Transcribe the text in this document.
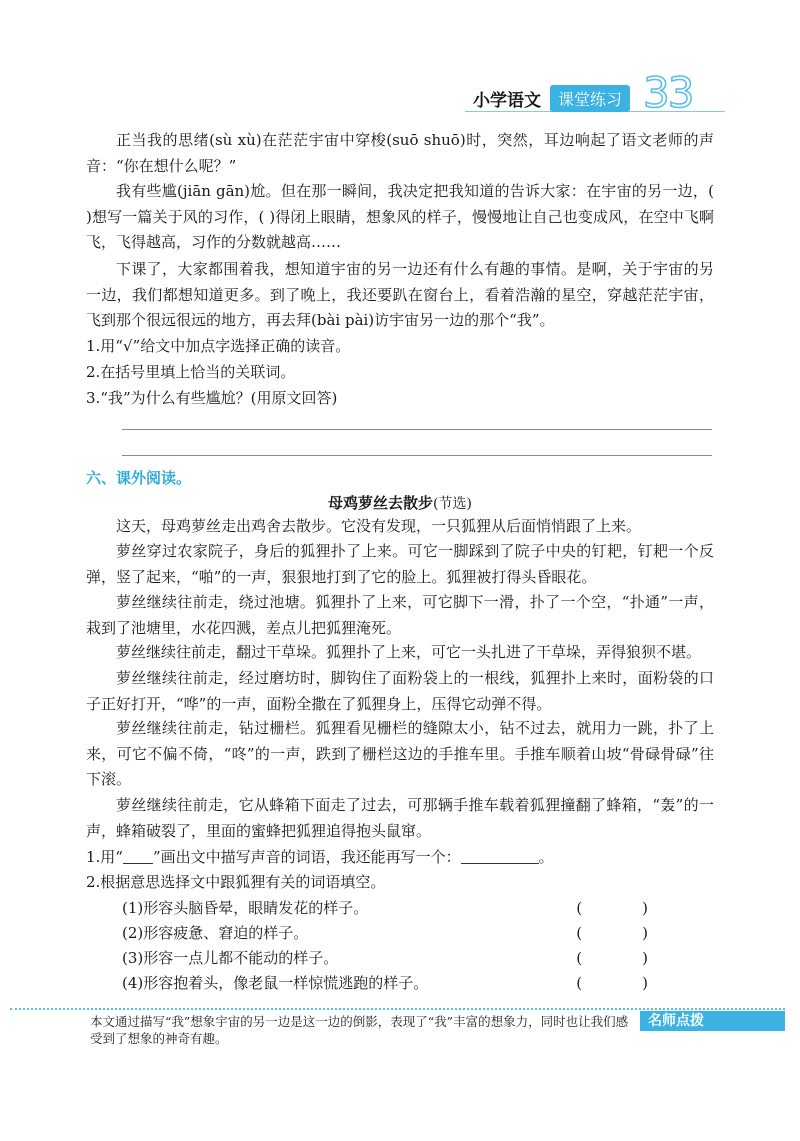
小学语文	课堂练习 33

正当我的思绪(sù xù)在茫茫宇宙中穿梭(suō shuō)时，突然，耳边响起了语文老师的声音：“你在想什么呢？”

我有些尴(jiān gān)尬。但在那一瞬间，我决定把我知道的告诉大家：在宇宙的另一边，( )想写一篇关于风的习作，( )得闭上眼睛，想象风的样子，慢慢地让自己也变成风，在空中飞啊飞，飞得越高，习作的分数就越高……

下课了，大家都围着我，想知道宇宙的另一边还有什么有趣的事情。是啊，关于宇宙的另一边，我们都想知道更多。到了晚上，我还要趴在窗台上，看着浩瀚的星空，穿越茫茫宇宙，飞到那个很远很远的地方，再去拜(bài pài)访宇宙另一边的那个“我”。

1.用“√”给文中加点字选择正确的读音。

2.在括号里填上恰当的关联词。

3.“我”为什么有些尴尬？(用原文回答)

六、课外阅读。
母鸡萝丝去散步(节选)

这天，母鸡萝丝走出鸡舍去散步。它没有发现，一只狐狸从后面悄悄跟了上来。

萝丝穿过农家院子，身后的狐狸扑了上来。可它一脚踩到了院子中央的钉耙，钉耙一个反弹，竖了起来，“啪”的一声，狠狠地打到了它的脸上。狐狸被打得头昏眼花。

萝丝继续往前走，绕过池塘。狐狸扑了上来，可它脚下一滑，扑了一个空，“扑通”一声，栽到了池塘里，水花四溅，差点儿把狐狸淹死。

萝丝继续往前走，翻过干草垛。狐狸扑了上来，可它一头扎进了干草垛，弄得狼狈不堪。

萝丝继续往前走，经过磨坊时，脚钩住了面粉袋上的一根线，狐狸扑上来时，面粉袋的口子正好打开，“哗”的一声，面粉全撒在了狐狸身上，压得它动弹不得。

萝丝继续往前走，钻过栅栏。狐狸看见栅栏的缝隙太小，钻不过去，就用力一跳，扑了上来，可它不偏不倚，“咚”的一声，跌到了栅栏这边的手推车里。手推车顺着山坡“骨碌骨碌”往下滚。

萝丝继续往前走，它从蜂箱下面走了过去，可那辆手推车载着狐狸撞翻了蜂箱，“轰”的一声，蜂箱破裂了，里面的蜜蜂把狐狸追得抱头鼠窜。

1.用“ ”画出文中描写声音的词语，我还能再写一个：	。

2.根据意思选择文中跟狐狸有关的词语填空。

(1)形容头脑昏晕，眼睛发花的样子。	()
(2)形容疲惫、窘迫的样子。	()
(3)形容一点儿都不能动的样子。	()
(4)形容抱着头，像老鼠一样惊慌逃跑的样子。	()
本文通过描写“我”想象宇宙的另一边是这一边的倒影，表现了“我”丰富的想象力，同时也让我们感受到了想象的神奇有趣。
名师点拨
